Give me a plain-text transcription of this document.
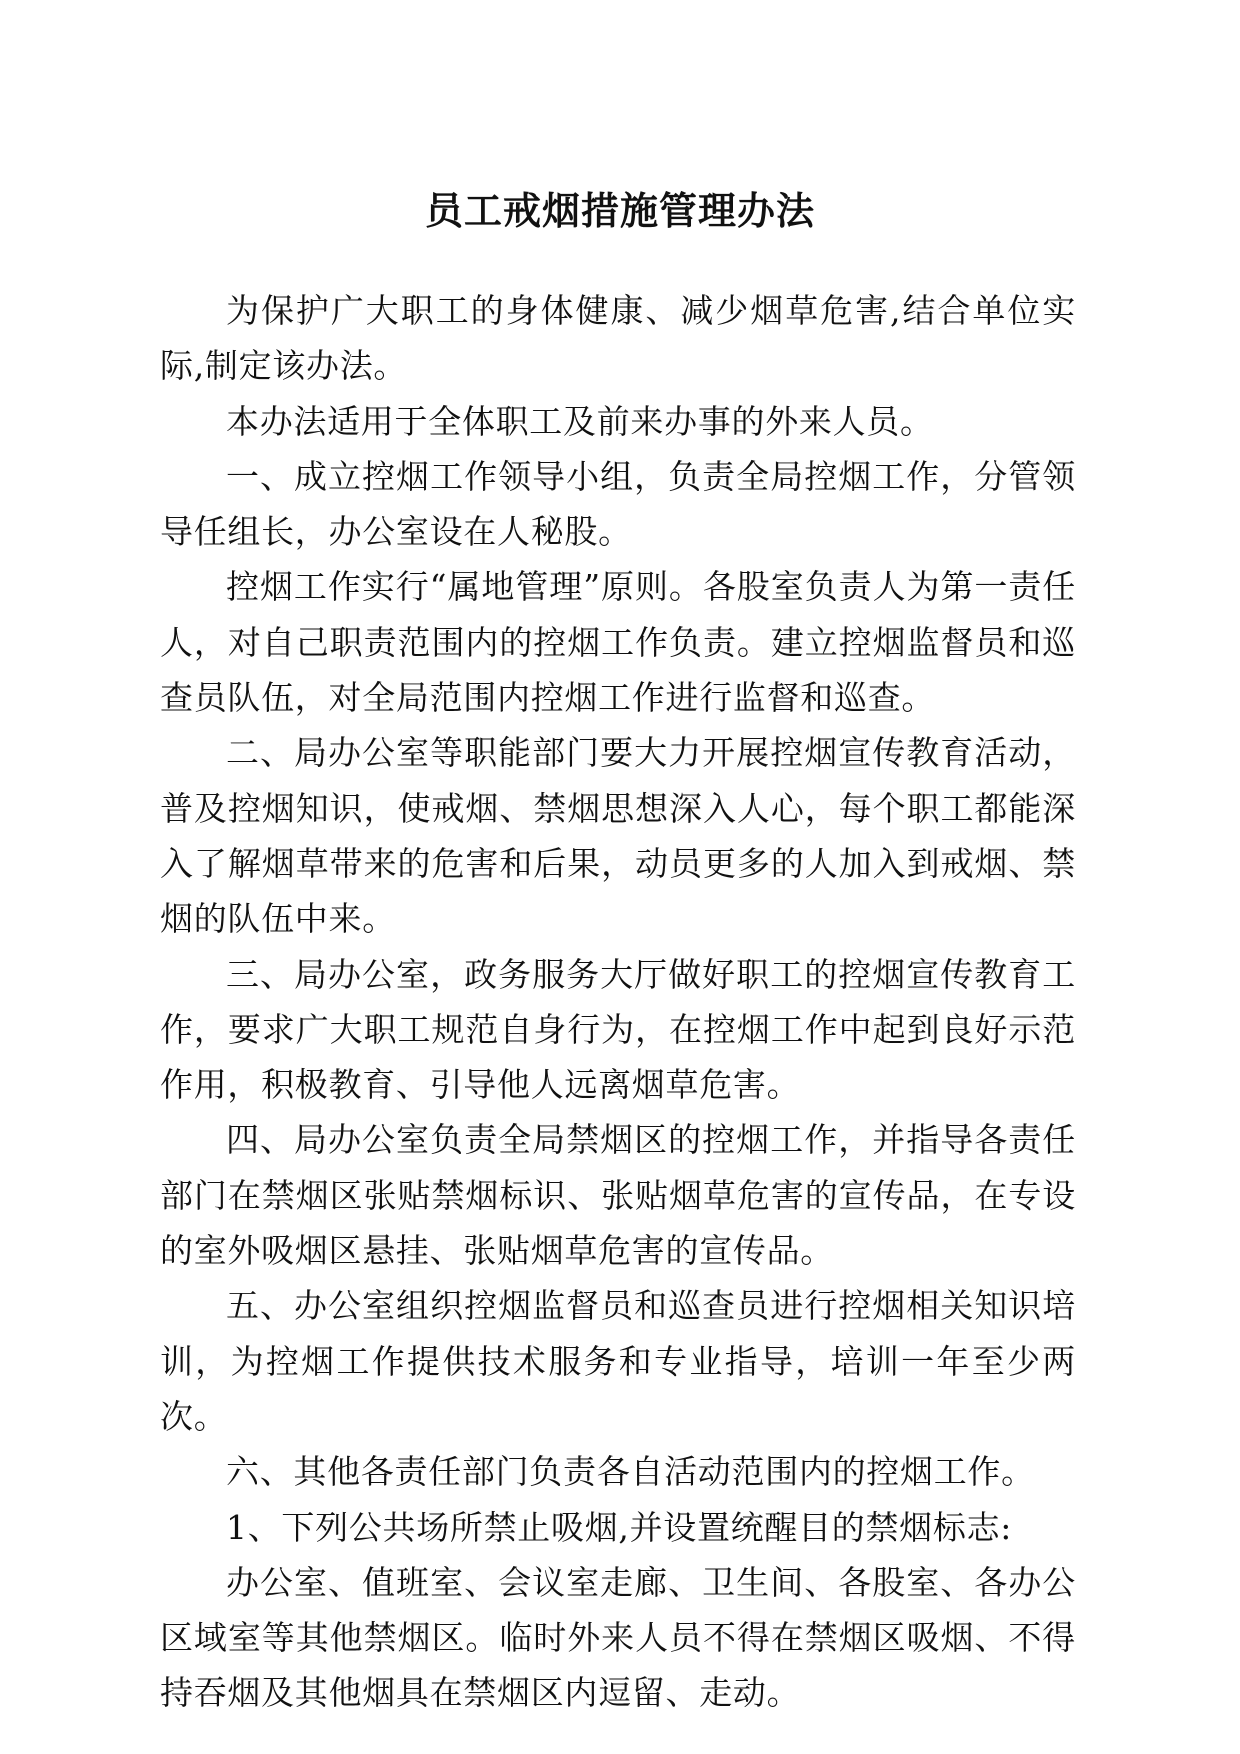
员工戒烟措施管理办法

为保护广大职工的身体健康、减少烟草危害,结合单位实际,制定该办法。

本办法适用于全体职工及前来办事的外来人员。

一、成立控烟工作领导小组，负责全局控烟工作，分管领导任组长，办公室设在人秘股。

控烟工作实行“属地管理”原则。各股室负责人为第一责任人，对自己职责范围内的控烟工作负责。建立控烟监督员和巡查员队伍，对全局范围内控烟工作进行监督和巡查。

二、局办公室等职能部门要大力开展控烟宣传教育活动，普及控烟知识，使戒烟、禁烟思想深入人心，每个职工都能深入了解烟草带来的危害和后果，动员更多的人加入到戒烟、禁烟的队伍中来。

三、局办公室，政务服务大厅做好职工的控烟宣传教育工作，要求广大职工规范自身行为，在控烟工作中起到良好示范作用，积极教育、引导他人远离烟草危害。

四、局办公室负责全局禁烟区的控烟工作，并指导各责任部门在禁烟区张贴禁烟标识、张贴烟草危害的宣传品，在专设的室外吸烟区悬挂、张贴烟草危害的宣传品。

五、办公室组织控烟监督员和巡查员进行控烟相关知识培训，为控烟工作提供技术服务和专业指导，培训一年至少两次。

六、其他各责任部门负责各自活动范围内的控烟工作。

1、下列公共场所禁止吸烟,并设置统醒目的禁烟标志:

办公室、值班室、会议室走廊、卫生间、各股室、各办公区域室等其他禁烟区。临时外来人员不得在禁烟区吸烟、不得持吞烟及其他烟具在禁烟区内逗留、走动。
